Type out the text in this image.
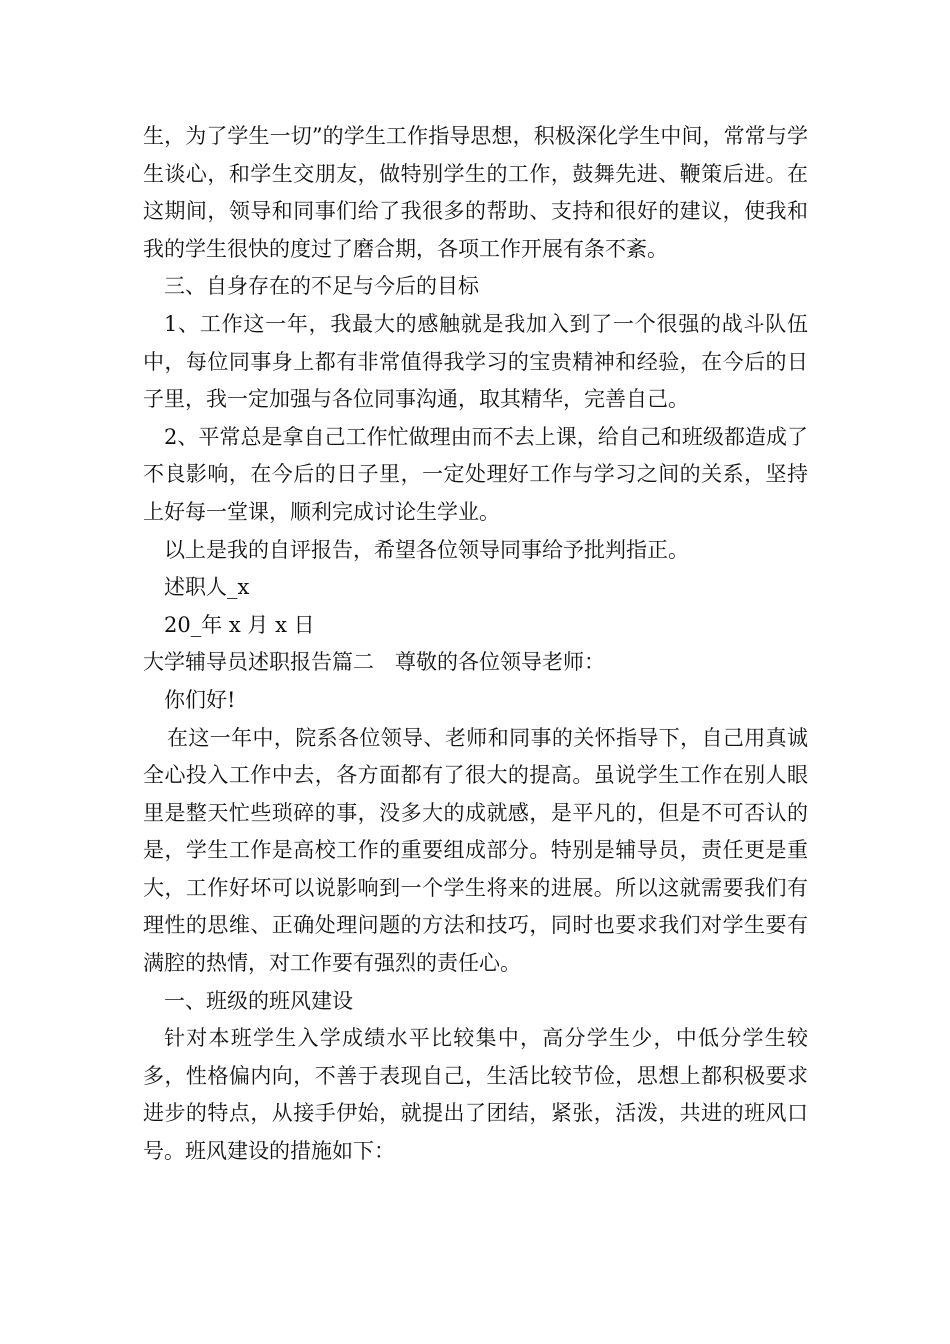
生，为了学生一切”的学生工作指导思想，积极深化学生中间，常常与学生谈心，和学生交朋友，做特别学生的工作，鼓舞先进、鞭策后进。在这期间，领导和同事们给了我很多的帮助、支持和很好的建议，使我和我的学生很快的度过了磨合期，各项工作开展有条不紊。

三、自身存在的不足与今后的目标

1、工作这一年，我最大的感触就是我加入到了一个很强的战斗队伍中，每位同事身上都有非常值得我学习的宝贵精神和经验，在今后的日子里，我一定加强与各位同事沟通，取其精华，完善自己。

2、平常总是拿自己工作忙做理由而不去上课，给自己和班级都造成了不良影响，在今后的日子里，一定处理好工作与学习之间的关系，坚持上好每一堂课，顺利完成讨论生学业。

以上是我的自评报告，希望各位领导同事给予批判指正。

述职人_x

20_年 x 月 x 日

大学辅导员述职报告篇二　尊敬的各位领导老师：

你们好!

在这一年中，院系各位领导、老师和同事的关怀指导下，自己用真诚全心投入工作中去，各方面都有了很大的提高。虽说学生工作在别人眼里是整天忙些琐碎的事，没多大的成就感，是平凡的，但是不可否认的是，学生工作是高校工作的重要组成部分。特别是辅导员，责任更是重大，工作好坏可以说影响到一个学生将来的进展。所以这就需要我们有理性的思维、正确处理问题的方法和技巧，同时也要求我们对学生要有满腔的热情，对工作要有强烈的责任心。

一、班级的班风建设

针对本班学生入学成绩水平比较集中，高分学生少，中低分学生较多，性格偏内向，不善于表现自己，生活比较节俭，思想上都积极要求进步的特点，从接手伊始，就提出了团结，紧张，活泼，共进的班风口号。班风建设的措施如下：
